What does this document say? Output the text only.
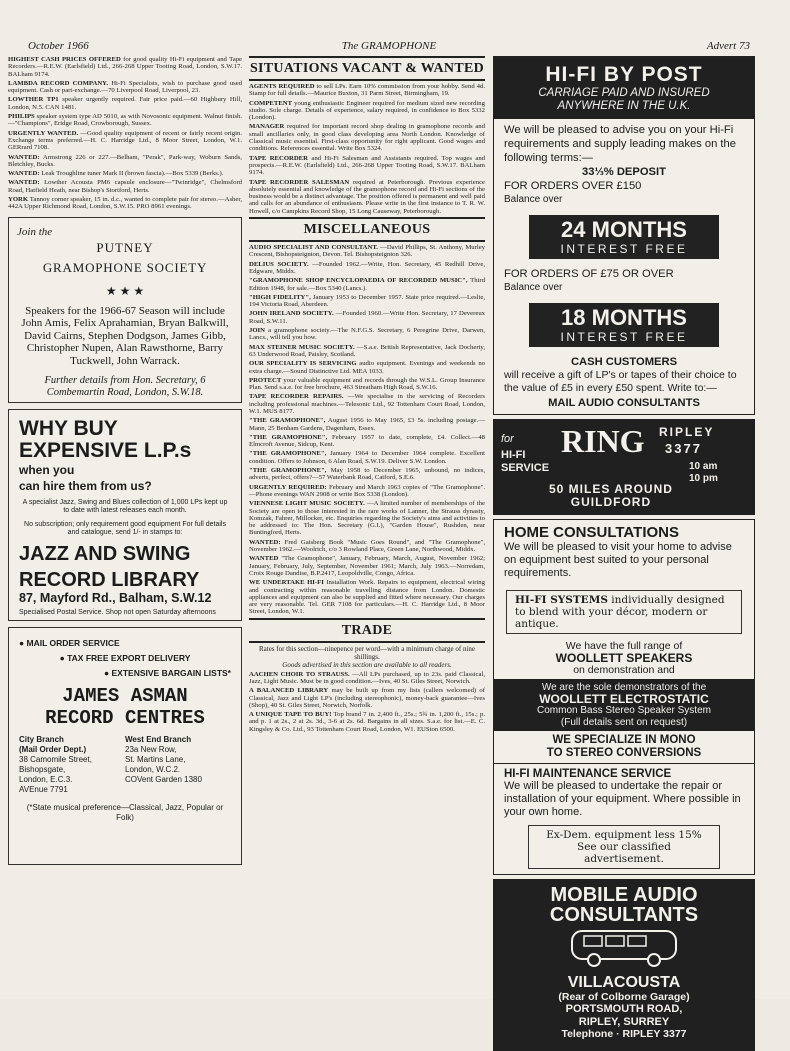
October 1966	The GRAMOPHONE	Advert 73

HIGHEST CASH PRICES OFFERED for good quality Hi-Fi equipment and Tape Recorders.—R.E.W. (Earlsfield) Ltd., 266-268 Upper Tooting Road, London, S.W.17. BALham 9174.

LAMBDA RECORD COMPANY. Hi-Fi Specialists, wish to purchase good used equipment. Cash or part-exchange.—70 Liverpool Road, Liverpool, 23.

LOWTHER TP1 speaker urgently required. Fair price paid.—60 Highbury Hill, London, N.5. CAN 1481.

PHILIPS speaker system type AD 5010, as with Novosonic equipment. Walnut finish.—"Champions", Eridge Road, Crowborough, Sussex.

URGENTLY WANTED. —Good quality equipment of recent or fairly recent origin. Exchange terms preferred.—H. C. Harridge Ltd., 8 Moor Street, London, W.1. GERrard 7108.

WANTED: Armstrong 226 or 227.—Belham, "Perak", Park-way, Woburn Sands, Bletchley, Bucks.

WANTED: Leak Troughline tuner Mark II (brown fascia).—Box 5339 (Berks.).

WANTED: Lowther Acousta PM6 capsule enclosure—"Twinridge", Chelmsford Road, Hatfield Heath, near Bishop's Stortford, Herts.

YORK Tannoy corner speaker, 15 in. d.c., wanted to complete pair for stereo.—Asher, 442A Upper Richmond Road, London, S.W.15. PRO 8961 evenings.

Join the
PUTNEY
GRAMOPHONE SOCIETY
★ ★ ★
Speakers for the 1966-67 Season will include John Amis, Felix Aprahamian, Bryan Balkwill, David Cairns, Stephen Dodgson, James Gibb, Christopher Nupen, Alan Rawsthorne, Barry Tuckwell, John Warrack.
Further details from Hon. Secretary, 6 Combemartin Road, London, S.W.18.
WHY BUY
EXPENSIVE L.P.s
when you
can hire them from us?
A specialist Jazz, Swing and Blues collection of 1,000 LPs kept up to date with latest releases each month.
No subscription; only requirement good equipment For full details and catalogue, send 1/- in stamps to:
JAZZ AND SWING
RECORD LIBRARY
87, Mayford Rd., Balham, S.W.12
Specialised Postal Service. Shop not open Saturday afternoons
● MAIL ORDER SERVICE
● TAX FREE EXPORT DELIVERY
● EXTENSIVE BARGAIN LISTS*
JAMES ASMAN
RECORD CENTRES
City Branch
(Mail Order Dept.)
38 Camomile Street,
Bishopsgate,
London, E.C.3.
AVEnue 7791
West End Branch
23a New Row,
St. Martins Lane,
London, W.C.2.
COVent Garden 1380
(*State musical preference—Classical, Jazz, Popular or Folk)
SITUATIONS VACANT & WANTED

AGENTS REQUIRED to sell LPs. Earn 10% commission from your hobby. Send 4d. Stamp for full details.—Maurice Buxton, 31 Parm Street, Birmingham, 19.

COMPETENT young enthusiastic Engineer required for medium sized new recording studio. Sole charge. Details of experience, salary required, in confidence to Box 5332 (London).

MANAGER required for important record shop dealing in gramophone records and small ancillaries only, in good class developing area North London. Knowledge of Classical music essential. First-class opportunity for right applicant. Good wages and conditions. References essential. Write Box 5324.

TAPE RECORDER and Hi-Fi Salesman and Assistants required. Top wages and prospects.—R.E.W. (Earlsfield) Ltd., 266-268 Upper Tooting Road, S.W.17. BALham 9174.

TAPE RECORDER SALESMAN required at Peterborough. Previous experience absolutely essential and knowledge of the gramophone record and Hi-Fi sections of the business would be a distinct advantage. The position offered is permanent and well paid and calls for an abundance of enthusiasm. Please write in the first instance to T. R. W. Howell, c/o Campkins Record Shop, 15 Long Causeway, Peterborough.

MISCELLANEOUS

AUDIO SPECIALIST AND CONSULTANT. —David Phillips, St. Anthony, Murley Crescent, Bishopsteignton, Devon. Tel. Bishopsteignton 326.

DELIUS SOCIETY. —Founded 1962.—Write, Hon. Secretary, 45 Redhill Drive, Edgware, Middx.

"GRAMOPHONE SHOP ENCYCLOPAEDIA OF RECORDED MUSIC", Third Edition 1948, for sale.—Box 5340 (Lancs.).

"HIGH FIDELITY", January 1953 to December 1957. State price required.—Leslie, 194 Victoria Road, Aberdeen.

JOHN IRELAND SOCIETY. —Founded 1960.—Write Hon. Secretary, 17 Devereux Road, S.W.11.

JOIN a gramophone society.—The N.F.G.S. Secretary, 6 Peregrine Drive, Darwen, Lancs., will tell you how.

MAX STEINER MUSIC SOCIETY. —S.a.e. British Representative, Jack Docherty, 63 Underwood Road, Paisley, Scotland.

OUR SPECIALITY IS SERVICING audio equipment. Evenings and weekends no extra charge.—Sound Distinctive Ltd. MEA 1033.

PROTECT your valuable equipment and records through the W.S.L. Group Insurance Plan. Send s.a.e. for free brochure, 463 Streatham High Road, S.W.16.

TAPE RECORDER REPAIRS. —We specialise in the servicing of Recorders including professional machines.—Telesonic Ltd., 92 Tottenham Court Road, London, W.1. MUS 8177.

"THE GRAMOPHONE", August 1956 to May 1965, £3 5s. including postage.—Mann, 25 Benham Gardens, Dagenham, Essex.

"THE GRAMOPHONE", February 1957 to date, complete, £4. Collect.—48 Elmcroft Avenue, Sidcup, Kent.

"THE GRAMOPHONE", January 1964 to December 1964 complete. Excellent condition. Offers to Johnson, 6 Alan Road, S.W.19. Deliver S.W. London.

"THE GRAMOPHONE", May 1958 to December 1965, unbound, no indices, adverts, perfect, offers?—57 Waterbank Road, Catford, S.E.6.

URGENTLY REQUIRED: February and March 1963 copies of "The Gramophone".—Phone evenings WAN 2908 or write Box 5338 (London).

VIENNESE LIGHT MUSIC SOCIETY. —A limited number of memberships of the Society are open to those interested in the rare works of Lanner, the Strauss dynasty, Komzak, Fahrer, Millocker, etc. Enquiries regarding the Society's aims and activities to be addressed to: The Hon. Secretary (G.I.), "Garden House", Rushden, near Buntingford, Herts.

WANTED: Fred Gaisberg Book "Music Goes Round", and "The Gramophone", November 1962.—Woolrich, c/o 3 Rowland Place, Green Lane, Northwood, Middx.

WANTED "The Gramophone", January, February, March, August, November 1962; January, February, July, September, November 1961; March, July 1963.—Norredam, Croix Rouge Dandise, B.P.2417, Leopoldville, Congo, Africa.

WE UNDERTAKE HI-FI Installation Work. Repairs to equipment, electrical wiring and contracting within reasonable travelling distance from London. Domestic appliances and equipment can also be supplied and fitted where necessary. Our charges are very reasonable. Tel. GER 7108 for particulars.—H. C. Harridge Ltd., 8 Moor Street, London, W.1.

TRADE

Rates for this section—ninepence per word—with a minimum charge of nine shillings.

Goods advertised in this section are available to all readers.

AACHEN CHOIR TO STRAUSS. —All LPs purchased, up to 23s. paid Classical, Jazz, Light Music. Must be in good condition.—Ives, 40 St. Giles Street, Norwich.

A BALANCED LIBRARY may be built up from my lists (callers welcomed) of Classical, Jazz and Light LP's (including stereophonic), money-back guarantee—Ives (Shop), 40 St. Giles Street, Norwich, Norfolk.

A UNIQUE TAPE TO BUY! Top brand 7 in. 2,400 ft., 25s.; 5¾ in. 1,200 ft., 15s.; p. and p. 1 at 2s., 2 at 2s. 3d., 3-6 at 2s. 6d. Bargains in all sizes. S.a.e. for list.—E. C. Kingsley & Co. Ltd., 93 Tottenham Court Road, London, W1. EUSton 6500.

HI-FI BY POST
CARRIAGE PAID AND INSURED
ANYWHERE IN THE U.K.
We will be pleased to advise you on your Hi-Fi requirements and supply leading makes on the following terms:—
33⅓% DEPOSIT
FOR ORDERS OVER £150
Balance over
24 MONTHS
INTEREST FREE
FOR ORDERS OF £75 OR OVER
Balance over
18 MONTHS
INTEREST FREE
CASH CUSTOMERS
will receive a gift of LP's or tapes of their choice to the value of £5 in every £50 spent. Write to:—
MAIL AUDIO CONSULTANTS
for
HI-FI
SERVICE
RING RIPLEY
3377
10 am
10 pm
50 MILES AROUND
GUILDFORD
HOME CONSULTATIONS
We will be pleased to visit your home to advise on equipment best suited to your personal requirements.
HI-FI SYSTEMS individually designed to blend with your décor, modern or antique.
We have the full range of
WOOLLETT SPEAKERS
on demonstration and
We are the sole demonstrators of the
WOOLLETT ELECTROSTATIC
Common Bass Stereo Speaker System
(Full details sent on request)
WE SPECIALIZE IN MONO
TO STEREO CONVERSIONS
HI-FI MAINTENANCE SERVICE
We will be pleased to undertake the repair or installation of your equipment. Where possible in your own home.
Ex-Dem. equipment less 15%
See our classified advertisement.
MOBILE AUDIO
CONSULTANTS
VILLACOUSTA
(Rear of Colborne Garage)
PORTSMOUTH ROAD,
RIPLEY, SURREY
Telephone · RIPLEY 3377
